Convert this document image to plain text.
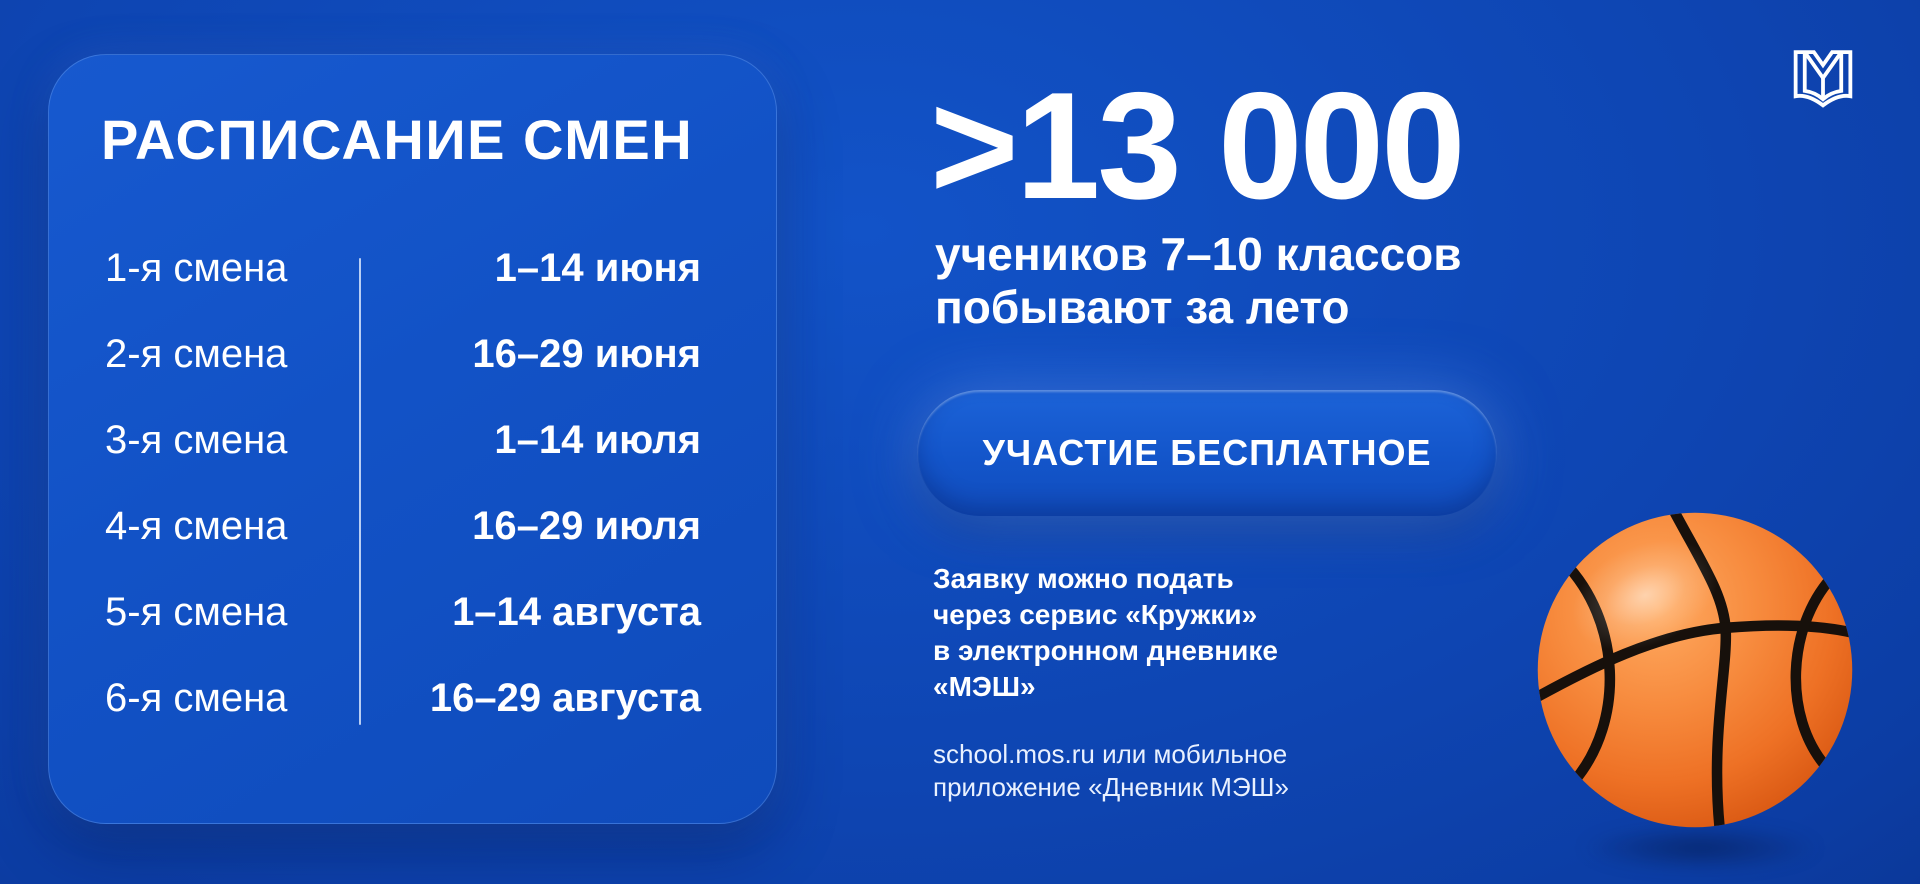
РАСПИСАНИЕ СМЕН
1-я смена	1–14 июня
2-я смена	16–29 июня
3-я смена	1–14 июля
4-я смена	16–29 июля
5-я смена	1–14 августа
6-я смена	16–29 августа
>13 000
учеников 7–10 классов
побывают за лето
УЧАСТИЕ БЕСПЛАТНОЕ
Заявку можно подать
через сервис «Кружки»
в электронном дневнике
«МЭШ»
school.mos.ru или мобильное
приложение «Дневник МЭШ»
